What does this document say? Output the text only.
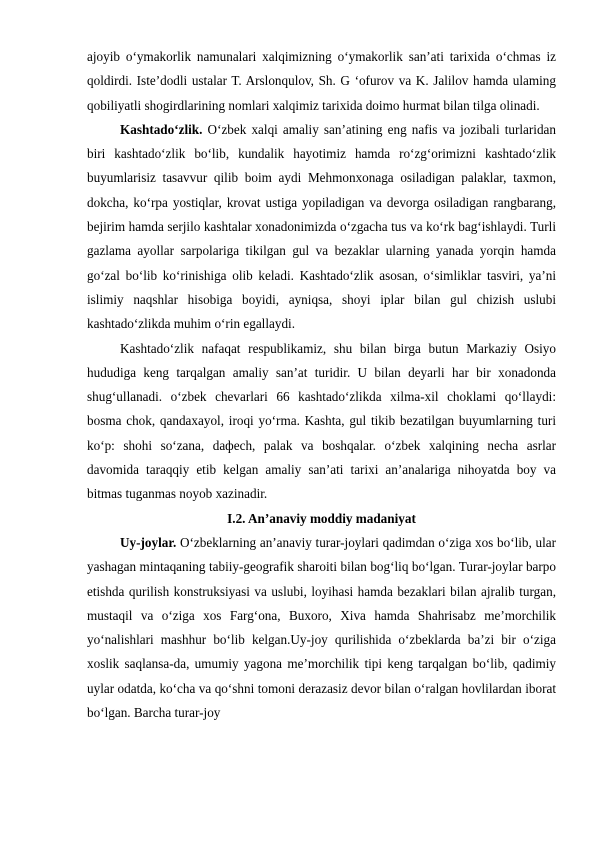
ajoyib o‘ymakorlik namunalari xalqimizning o‘ymakorlik san’ati tarixida o‘chmas iz qoldirdi. Iste’dodli ustalar T. Arslonqulov, Sh. G ‘ofurov va K. Jalilov hamda ulaming qobiliyatli shogirdlarining nomlari xalqimiz tarixida doimo hurmat bilan tilga olinadi.

Kashtado‘zlik. O‘zbek xalqi amaliy san’atining eng nafis va jozibali turlaridan biri kashtado‘zlik bo‘lib, kundalik hayotimiz hamda ro‘zg‘orimizni kashtado‘zlik buyumlarisiz tasavvur qilib boim aydi Mehmonxonaga osiladigan palaklar, taxmon, dokcha, ko‘rpa yostiqlar, krovat ustiga yopiladigan va devorga osiladigan rangbarang, bejirim hamda serjilo kashtalar xonadonimizda o‘zgacha tus va ko‘rk bag‘ishlaydi. Turli gazlama ayollar sarpolariga tikilgan gul va bezaklar ularning yanada yorqin hamda go‘zal bo‘lib ko‘rinishiga olib keladi. Kashtado‘zlik asosan, o‘simliklar tasviri, ya’ni islimiy naqshlar hisobiga boyidi, ayniqsa, shoyi iplar bilan gul chizish uslubi kashtado‘zlikda muhim o‘rin egallaydi.

Kashtado‘zlik nafaqat respublikamiz, shu bilan birga butun Markaziy Osiyo hududiga keng tarqalgan amaliy san’at turidir. U bilan deyarli har bir xonadonda shug‘ullanadi. o‘zbek chevarlari 66 kashtado‘zlikda xilma-xil choklami qo‘llaydi: bosma chok, qandaxayol, iroqi yo‘rma. Kashta, gul tikib bezatilgan buyumlarning turi ko‘p: shohi so‘zana, daфech, palak va boshqalar. o‘zbek xalqining necha asrlar davomida taraqqiy etib kelgan amaliy san’ati tarixi an’analariga nihoyatda boy va bitmas tuganmas noyob xazinadir.

I.2. An’anaviy moddiy madaniyat

Uy-joylar. O‘zbeklarning an’anaviy turar-joylari qadimdan o‘ziga xos bo‘lib, ular yashagan mintaqaning tabiiy-geografik sharoiti bilan bog‘liq bo‘lgan. Turar-joylar barpo etishda qurilish konstruksiyasi va uslubi, loyihasi hamda bezaklari bilan ajralib turgan, mustaqil va o‘ziga xos Farg‘ona, Buxoro, Xiva hamda Shahrisabz me’morchilik yo‘nalishlari mashhur bo‘lib kelgan.Uy-joy qurilishida o‘zbeklarda ba’zi bir o‘ziga xoslik saqlansa-da, umumiy yagona me’morchilik tipi keng tarqalgan bo‘lib, qadimiy uylar odatda, ko‘cha va qo‘shni tomoni derazasiz devor bilan o‘ralgan hovlilardan iborat bo‘lgan. Barcha turar-joy
